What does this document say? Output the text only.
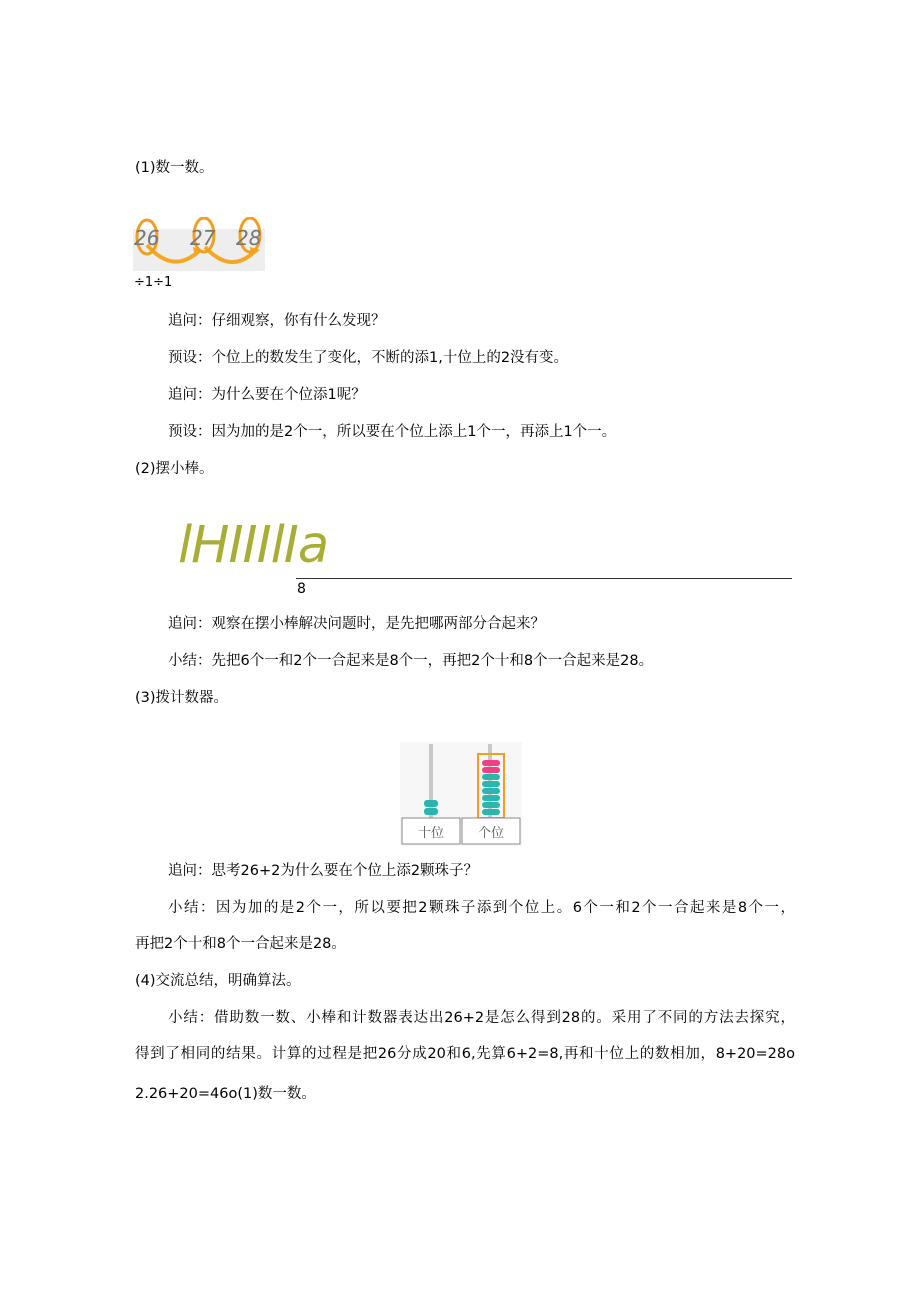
(1)数一数。
26 27 28
÷1÷1
追问：仔细观察，你有什么发现？
预设：个位上的数发生了变化，不断的添1,十位上的2没有变。
追问：为什么要在个位添1呢？
预设：因为加的是2个一，所以要在个位上添上1个一，再添上1个一。
(2)摆小棒。
lHIIIlIa
8
追问：观察在摆小棒解决问题时，是先把哪两部分合起来？
小结：先把6个一和2个一合起来是8个一，再把2个十和8个一合起来是28。
(3)拨计数器。
十位	个位
追问：思考26+2为什么要在个位上添2颗珠子？
小结：因为加的是2个一，所以要把2颗珠子添到个位上。6个一和2个一合起来是8个一，
再把2个十和8个一合起来是28。
(4)交流总结，明确算法。
小结：借助数一数、小棒和计数器表达出26+2是怎么得到28的。采用了不同的方法去探究，
得到了相同的结果。计算的过程是把26分成20和6,先算6+2=8,再和十位上的数相加，8+20=28o
2.26+20=46o(1)数一数。
